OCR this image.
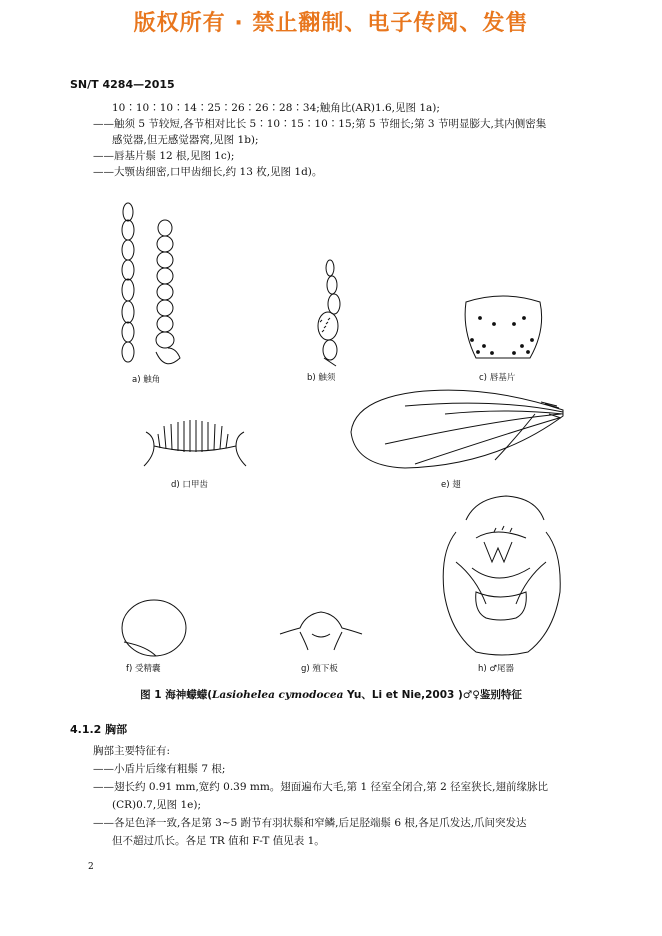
版权所有 · 禁止翻制、电子传阅、发售
SN/T 4284—2015
10∶10∶10∶14∶25∶26∶26∶28∶34;触角比(AR)1.6,见图 1a);
——触须 5 节较短,各节相对比长 5∶10∶15∶10∶15;第 5 节细长;第 3 节明显膨大,其内侧密集
感觉器,但无感觉器窝,见图 1b);
——唇基片鬃 12 根,见图 1c);
——大颚齿细密,口甲齿细长,约 13 枚,见图 1d)。
a) 触角	b) 触须	c) 唇基片
d) 口甲齿	e) 翅
f) 受精囊	g) 殖下板	h) ♂尾器
图 1 海神蠓蠓(Lasiohelea cymodocea Yu、Li et Nie,2003 )♂♀鉴别特征
4.1.2 胸部
胸部主要特征有:
——小盾片后缘有粗鬃 7 根;
——翅长约 0.91 mm,宽约 0.39 mm。翅面遍布大毛,第 1 径室全闭合,第 2 径室狭长,翅前缘脉比
(CR)0.7,见图 1e);
——各足色泽一致,各足第 3~5 跗节有羽状鬃和窄鳞,后足胫端鬃 6 根,各足爪发达,爪间突发达
但不超过爪长。各足 TR 值和 F-T 值见表 1。
2
